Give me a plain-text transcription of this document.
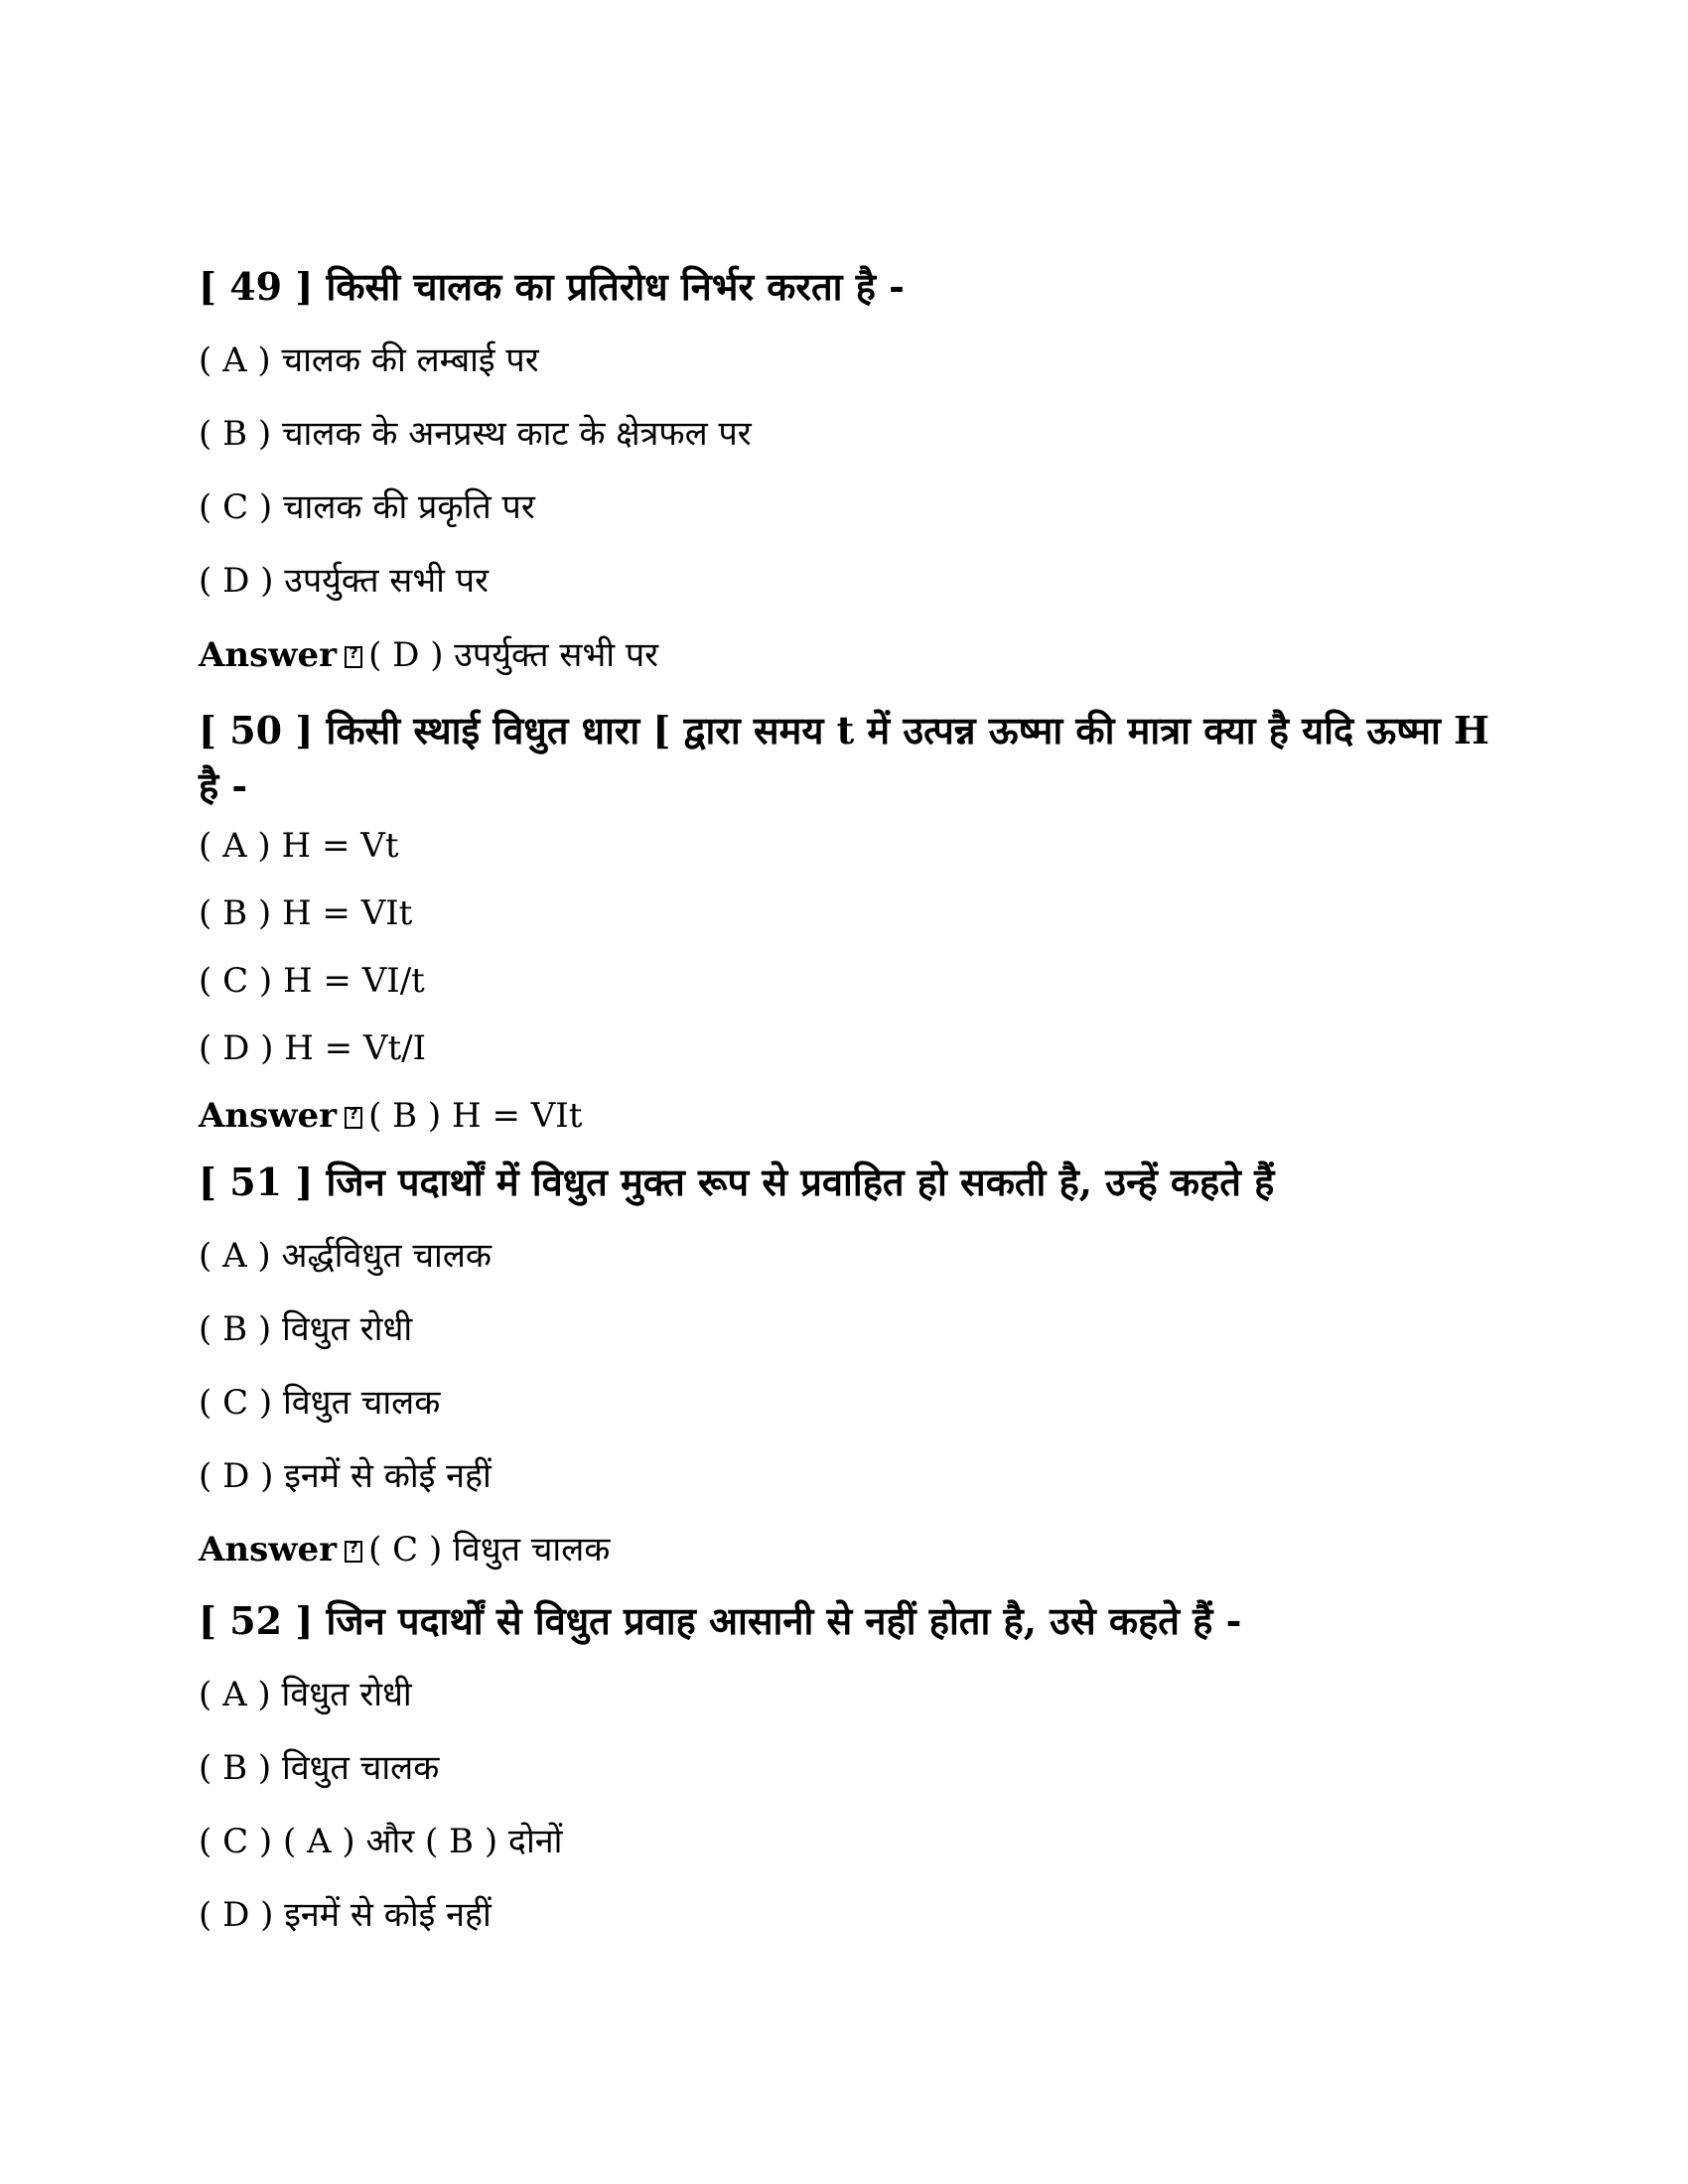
[ 49 ] किसी चालक का प्रतिरोध निर्भर करता है -
( A ) चालक की लम्बाई पर
( B ) चालक के अनप्रस्थ काट के क्षेत्रफल पर
( C ) चालक की प्रकृति पर
( D ) उपर्युक्त सभी पर
Answer ? ( D ) उपर्युक्त सभी पर
[ 50 ] किसी स्थाई विधुत धारा [ द्वारा समय t में उत्पन्न ऊष्मा की मात्रा क्या है यदि ऊष्मा H है -
( A ) H = Vt
( B ) H = VIt
( C ) H = VI/t
( D ) H = Vt/I
Answer ? ( B ) H = VIt
[ 51 ] जिन पदार्थों में विधुत मुक्त रूप से प्रवाहित हो सकती है, उन्हें कहते हैं
( A ) अर्द्धविधुत चालक
( B ) विधुत रोधी
( C ) विधुत चालक
( D ) इनमें से कोई नहीं
Answer ? ( C ) विधुत चालक
[ 52 ] जिन पदार्थों से विधुत प्रवाह आसानी से नहीं होता है, उसे कहते हैं -
( A ) विधुत रोधी
( B ) विधुत चालक
( C ) ( A ) और ( B ) दोनों
( D ) इनमें से कोई नहीं
